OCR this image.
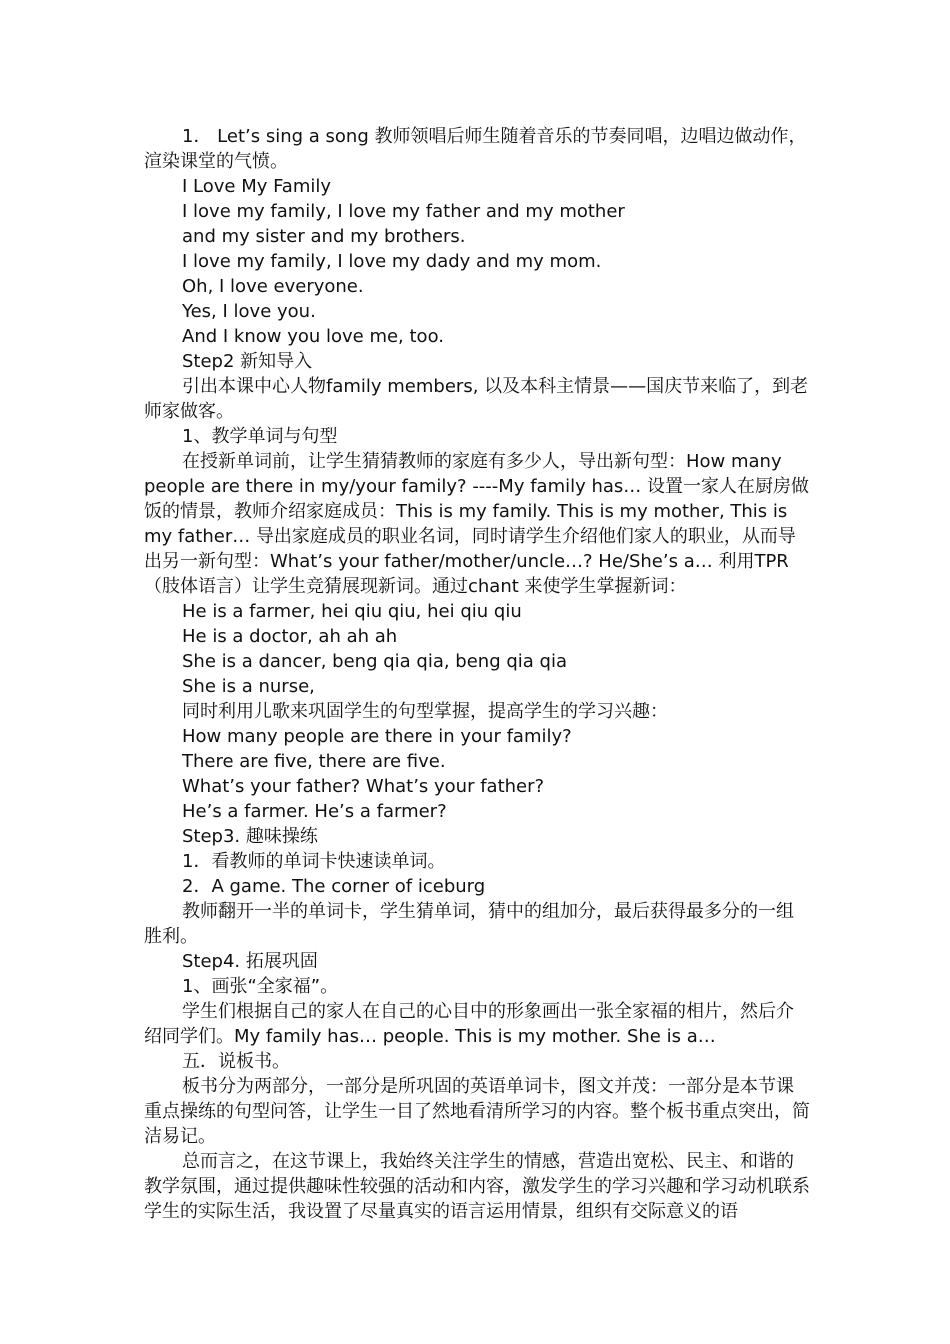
1． Let’s sing a song 教师领唱后师生随着音乐的节奏同唱，边唱边做动作，渲染课堂的气愤。

I Love My Family

I love my family, I love my father and my mother

and my sister and my brothers.

I love my family, I love my dady and my mom.

Oh, I love everyone.

Yes, I love you.

And I know you love me, too.

Step2 新知导入

引出本课中心人物family members, 以及本科主情景——国庆节来临了，到老师家做客。

1、教学单词与句型

在授新单词前，让学生猜猜教师的家庭有多少人，导出新句型：How many people are there in my/your family? ----My family has… 设置一家人在厨房做饭的情景，教师介绍家庭成员：This is my family. This is my mother, This is my father… 导出家庭成员的职业名词，同时请学生介绍他们家人的职业，从而导出另一新句型：What’s your father/mother/uncle…? He/She’s a… 利用TPR（肢体语言）让学生竞猜展现新词。通过chant 来使学生掌握新词：

He is a farmer, hei qiu qiu, hei qiu qiu

He is a doctor, ah ah ah

She is a dancer, beng qia qia, beng qia qia

She is a nurse,

同时利用儿歌来巩固学生的句型掌握，提高学生的学习兴趣：

How many people are there in your family?

There are five, there are five.

What’s your father? What’s your father?

He’s a farmer. He’s a farmer?

Step3. 趣味操练

1．看教师的单词卡快速读单词。

2．A game. The corner of iceburg

教师翻开一半的单词卡，学生猜单词，猜中的组加分，最后获得最多分的一组胜利。

Step4. 拓展巩固

1、画张“全家福”。

学生们根据自己的家人在自己的心目中的形象画出一张全家福的相片，然后介绍同学们。My family has… people. This is my mother. She is a…

五．说板书。

板书分为两部分，一部分是所巩固的英语单词卡，图文并茂：一部分是本节课重点操练的句型问答，让学生一目了然地看清所学习的内容。整个板书重点突出，简洁易记。

总而言之，在这节课上，我始终关注学生的情感，营造出宽松、民主、和谐的教学氛围，通过提供趣味性较强的活动和内容，激发学生的学习兴趣和学习动机联系学生的实际生活，我设置了尽量真实的语言运用情景，组织有交际意义的语
